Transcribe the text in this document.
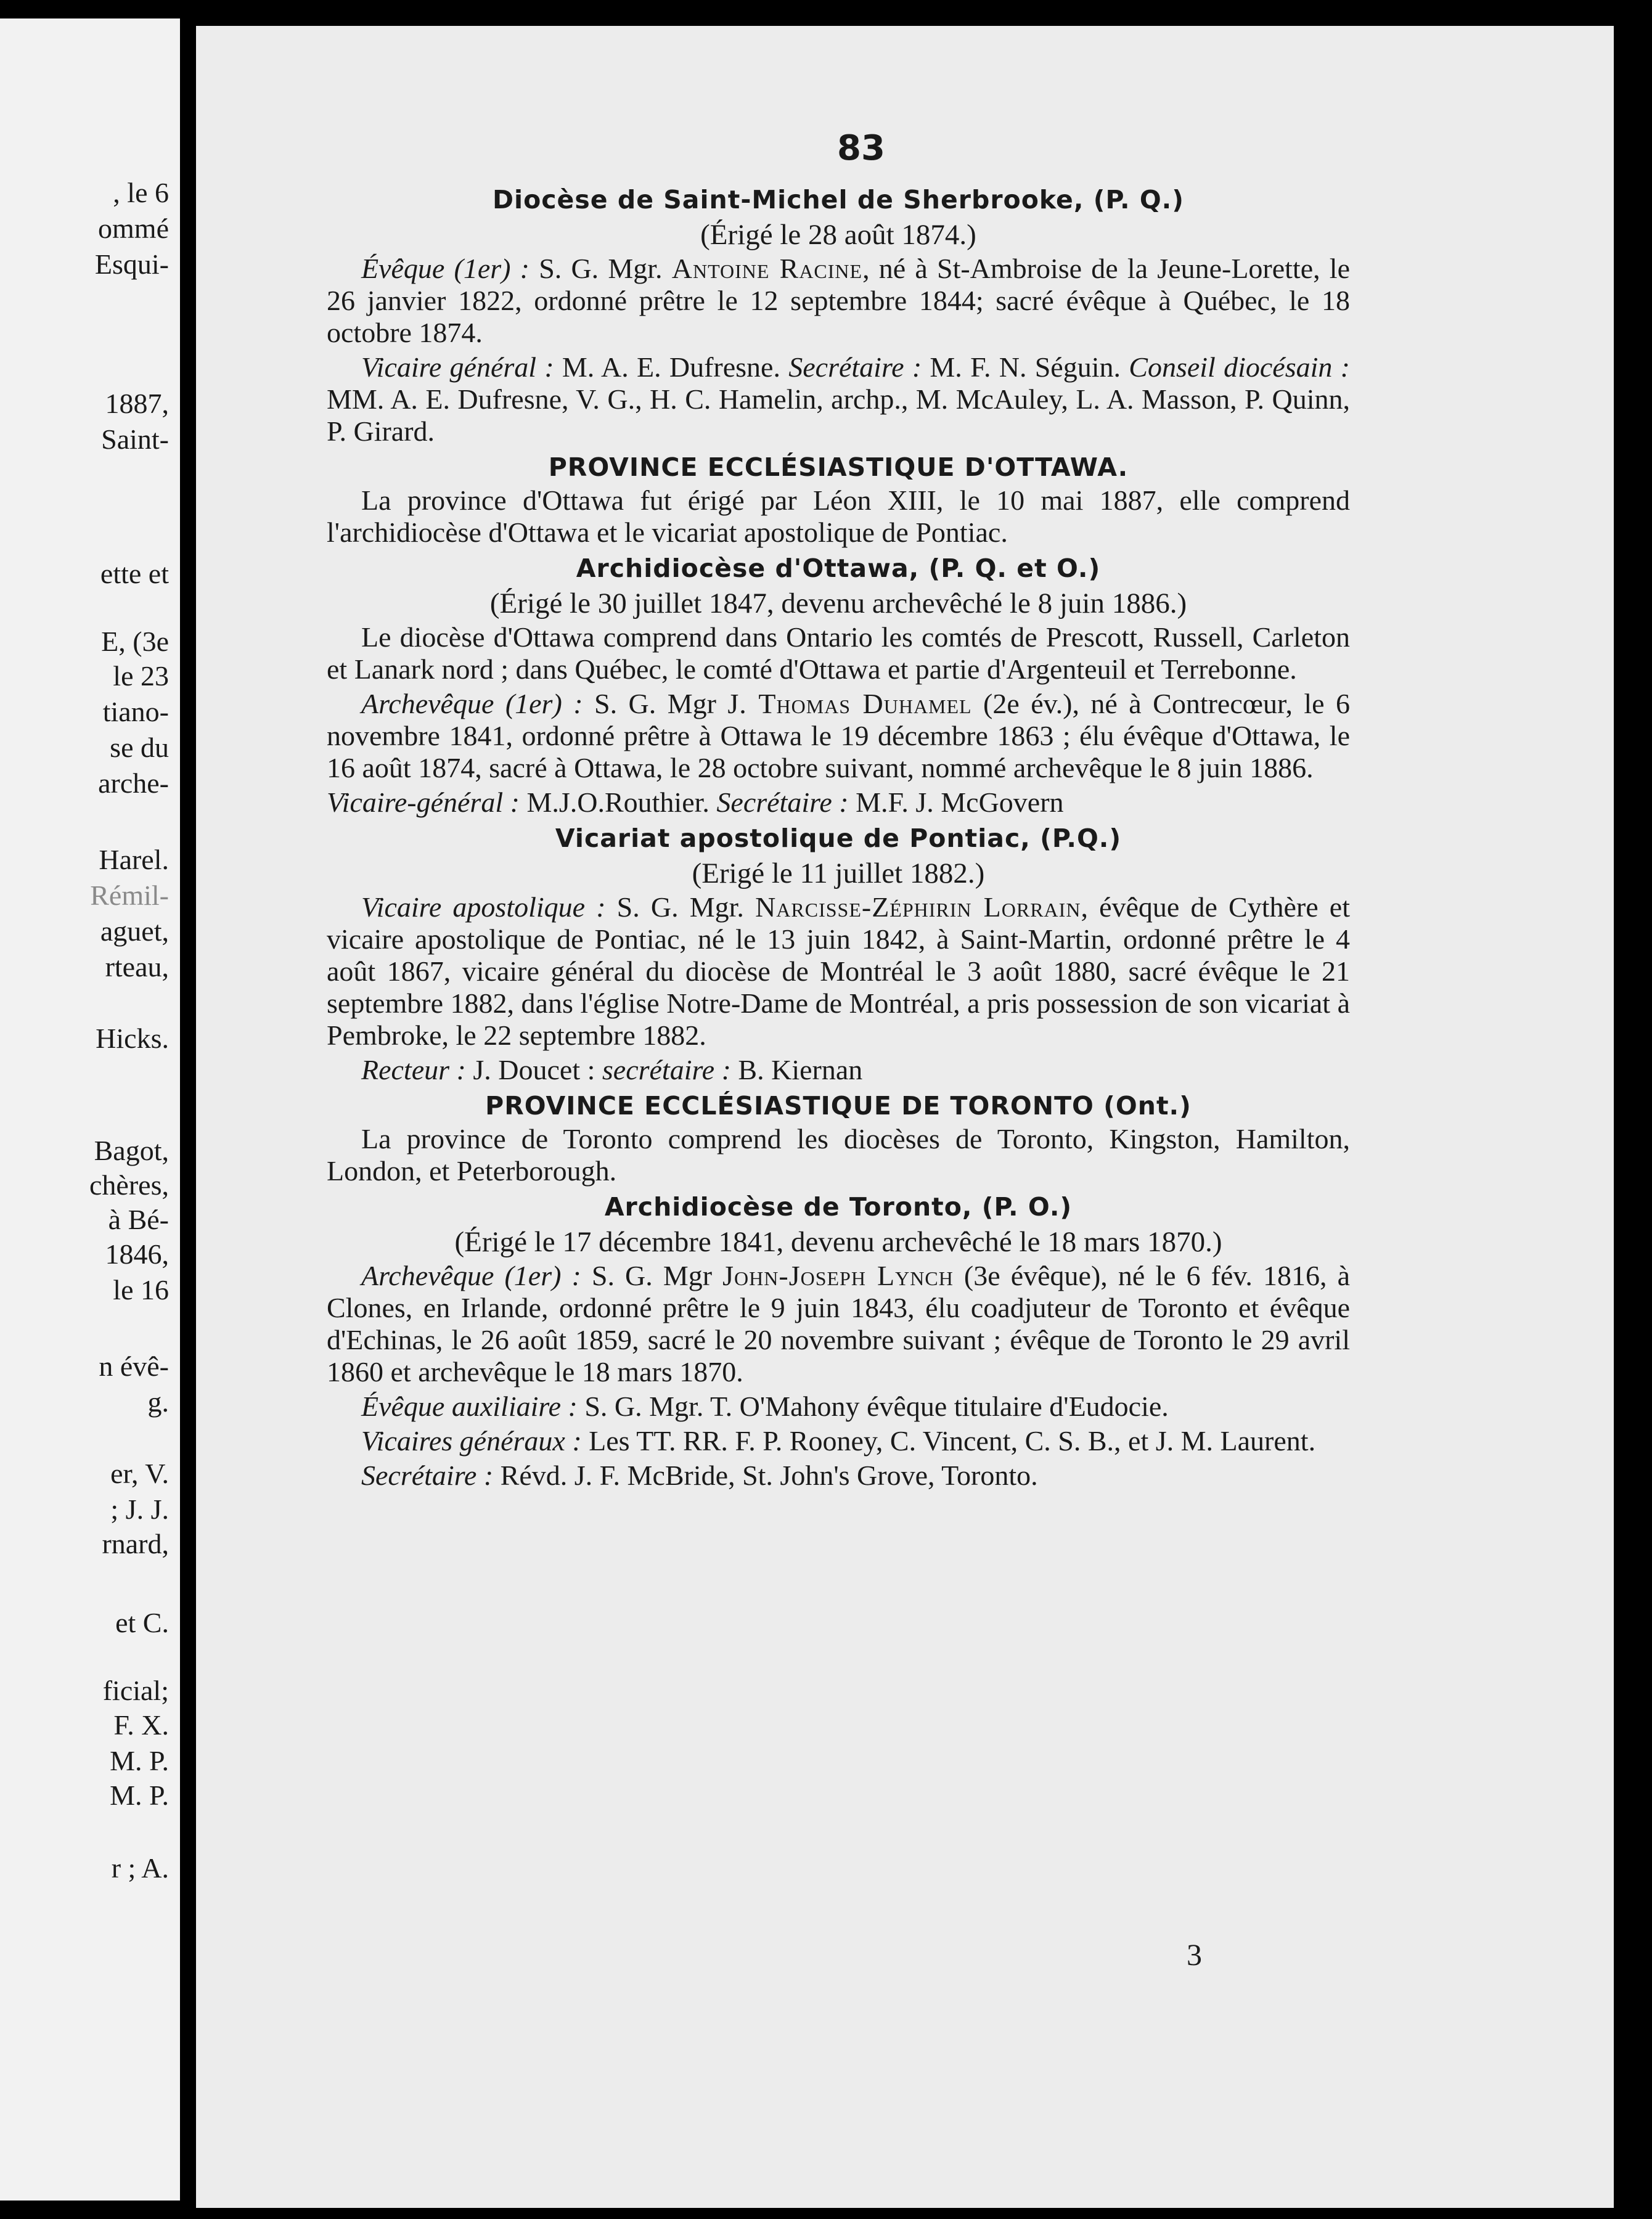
, le 6
ommé
Esqui-
1887,
Saint-
ette et
E, (3e
le 23
tiano-
se du
arche-
Harel.
Rémil-
aguet,
rteau,
Hicks.
Bagot,
chères,
à Bé-
1846,
le 16
n évê-
g.
er, V.
; J. J.
rnard,
et C.
ficial;
F. X.
M. P.
M. P.
r ; A.
83
Diocèse de Saint-Michel de Sherbrooke, (P. Q.)
(Érigé le 28 août 1874.)

Évêque (1er) : S. G. Mgr. Antoine Racine, né à St-Ambroise de la Jeune-Lorette, le 26 janvier 1822, ordonné prêtre le 12 septembre 1844; sacré évêque à Québec, le 18 octobre 1874.

Vicaire général : M. A. E. Dufresne. Secrétaire : M. F. N. Séguin. Conseil diocésain : MM. A. E. Dufresne, V. G., H. C. Hamelin, archp., M. McAuley, L. A. Masson, P. Quinn, P. Girard.

PROVINCE ECCLÉSIASTIQUE D'OTTAWA.

La province d'Ottawa fut érigé par Léon XIII, le 10 mai 1887, elle comprend l'archidiocèse d'Ottawa et le vicariat apostolique de Pontiac.

Archidiocèse d'Ottawa, (P. Q. et O.)
(Érigé le 30 juillet 1847, devenu archevêché le 8 juin 1886.)

Le diocèse d'Ottawa comprend dans Ontario les comtés de Prescott, Russell, Carleton et Lanark nord ; dans Québec, le comté d'Ottawa et partie d'Argenteuil et Terrebonne.

Archevêque (1er) : S. G. Mgr J. Thomas Duhamel (2e év.), né à Contrecœur, le 6 novembre 1841, ordonné prêtre à Ottawa le 19 décembre 1863 ; élu évêque d'Ottawa, le 16 août 1874, sacré à Ottawa, le 28 octobre suivant, nommé archevêque le 8 juin 1886.

Vicaire-général : M.J.O.Routhier. Secrétaire : M.F. J. McGovern

Vicariat apostolique de Pontiac, (P.Q.)
(Erigé le 11 juillet 1882.)

Vicaire apostolique : S. G. Mgr. Narcisse-Zéphirin Lorrain, évêque de Cythère et vicaire apostolique de Pontiac, né le 13 juin 1842, à Saint-Martin, ordonné prêtre le 4 août 1867, vicaire général du diocèse de Montréal le 3 août 1880, sacré évêque le 21 septembre 1882, dans l'église Notre-Dame de Montréal, a pris possession de son vicariat à Pembroke, le 22 septembre 1882.

Recteur : J. Doucet : secrétaire : B. Kiernan

PROVINCE ECCLÉSIASTIQUE DE TORONTO (Ont.)

La province de Toronto comprend les diocèses de Toronto, Kingston, Hamilton, London, et Peterborough.

Archidiocèse de Toronto, (P. O.)
(Érigé le 17 décembre 1841, devenu archevêché le 18 mars 1870.)

Archevêque (1er) : S. G. Mgr John-Joseph Lynch (3e évêque), né le 6 fév. 1816, à Clones, en Irlande, ordonné prêtre le 9 juin 1843, élu coadjuteur de Toronto et évêque d'Echinas, le 26 août 1859, sacré le 20 novembre suivant ; évêque de Toronto le 29 avril 1860 et archevêque le 18 mars 1870.

Évêque auxiliaire : S. G. Mgr. T. O'Mahony évêque titulaire d'Eudocie.

Vicaires généraux : Les TT. RR. F. P. Rooney, C. Vincent, C. S. B., et J. M. Laurent.

Secrétaire : Révd. J. F. McBride, St. John's Grove, Toronto.

3
